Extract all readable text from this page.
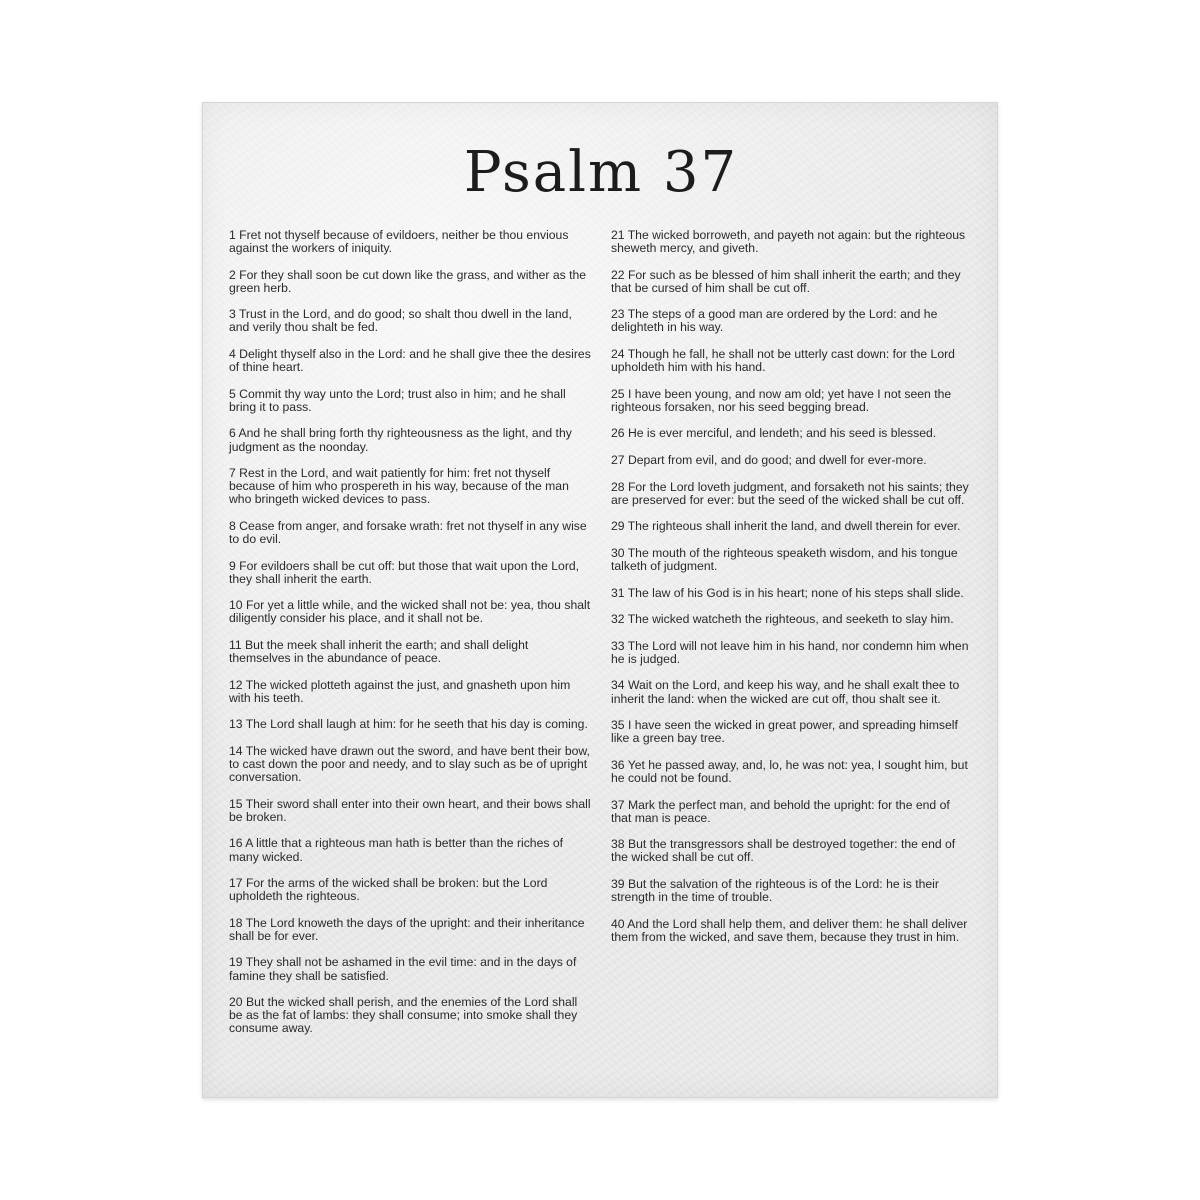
Psalm 37

1 Fret not thyself because of evildoers, neither be thou envious against the workers of iniquity.

2 For they shall soon be cut down like the grass, and wither as the green herb.

3 Trust in the Lord, and do good; so shalt thou dwell in the land, and verily thou shalt be fed.

4 Delight thyself also in the Lord: and he shall give thee the desires of thine heart.

5 Commit thy way unto the Lord; trust also in him; and he shall bring it to pass.

6 And he shall bring forth thy righteousness as the light, and thy judgment as the noonday.

7 Rest in the Lord, and wait patiently for him: fret not thyself because of him who prospereth in his way, because of the man who bringeth wicked devices to pass.

8 Cease from anger, and forsake wrath: fret not thyself in any wise to do evil.

9 For evildoers shall be cut off: but those that wait upon the Lord, they shall inherit the earth.

10 For yet a little while, and the wicked shall not be: yea, thou shalt diligently consider his place, and it shall not be.

11 But the meek shall inherit the earth; and shall delight themselves in the abundance of peace.

12 The wicked plotteth against the just, and gnasheth upon him with his teeth.

13 The Lord shall laugh at him: for he seeth that his day is coming.

14 The wicked have drawn out the sword, and have bent their bow, to cast down the poor and needy, and to slay such as be of upright conversation.

15 Their sword shall enter into their own heart, and their bows shall be broken.

16 A little that a righteous man hath is better than the riches of many wicked.

17 For the arms of the wicked shall be broken: but the Lord upholdeth the righteous.

18 The Lord knoweth the days of the upright: and their inheritance shall be for ever.

19 They shall not be ashamed in the evil time: and in the days of famine they shall be satisfied.

20 But the wicked shall perish, and the enemies of the Lord shall be as the fat of lambs: they shall consume; into smoke shall they consume away.

21 The wicked borroweth, and payeth not again: but the righteous sheweth mercy, and giveth.

22 For such as be blessed of him shall inherit the earth; and they that be cursed of him shall be cut off.

23 The steps of a good man are ordered by the Lord: and he delighteth in his way.

24 Though he fall, he shall not be utterly cast down: for the Lord upholdeth him with his hand.

25 I have been young, and now am old; yet have I not seen the righteous forsaken, nor his seed begging bread.

26 He is ever merciful, and lendeth; and his seed is blessed.

27 Depart from evil, and do good; and dwell for ever-more.

28 For the Lord loveth judgment, and forsaketh not his saints; they are preserved for ever: but the seed of the wicked shall be cut off.

29 The righteous shall inherit the land, and dwell therein for ever.

30 The mouth of the righteous speaketh wisdom, and his tongue talketh of judgment.

31 The law of his God is in his heart; none of his steps shall slide.

32 The wicked watcheth the righteous, and seeketh to slay him.

33 The Lord will not leave him in his hand, nor condemn him when he is judged.

34 Wait on the Lord, and keep his way, and he shall exalt thee to inherit the land: when the wicked are cut off, thou shalt see it.

35 I have seen the wicked in great power, and spreading himself like a green bay tree.

36 Yet he passed away, and, lo, he was not: yea, I sought him, but he could not be found.

37 Mark the perfect man, and behold the upright: for the end of that man is peace.

38 But the transgressors shall be destroyed together: the end of the wicked shall be cut off.

39 But the salvation of the righteous is of the Lord: he is their strength in the time of trouble.

40 And the Lord shall help them, and deliver them: he shall deliver them from the wicked, and save them, because they trust in him.
